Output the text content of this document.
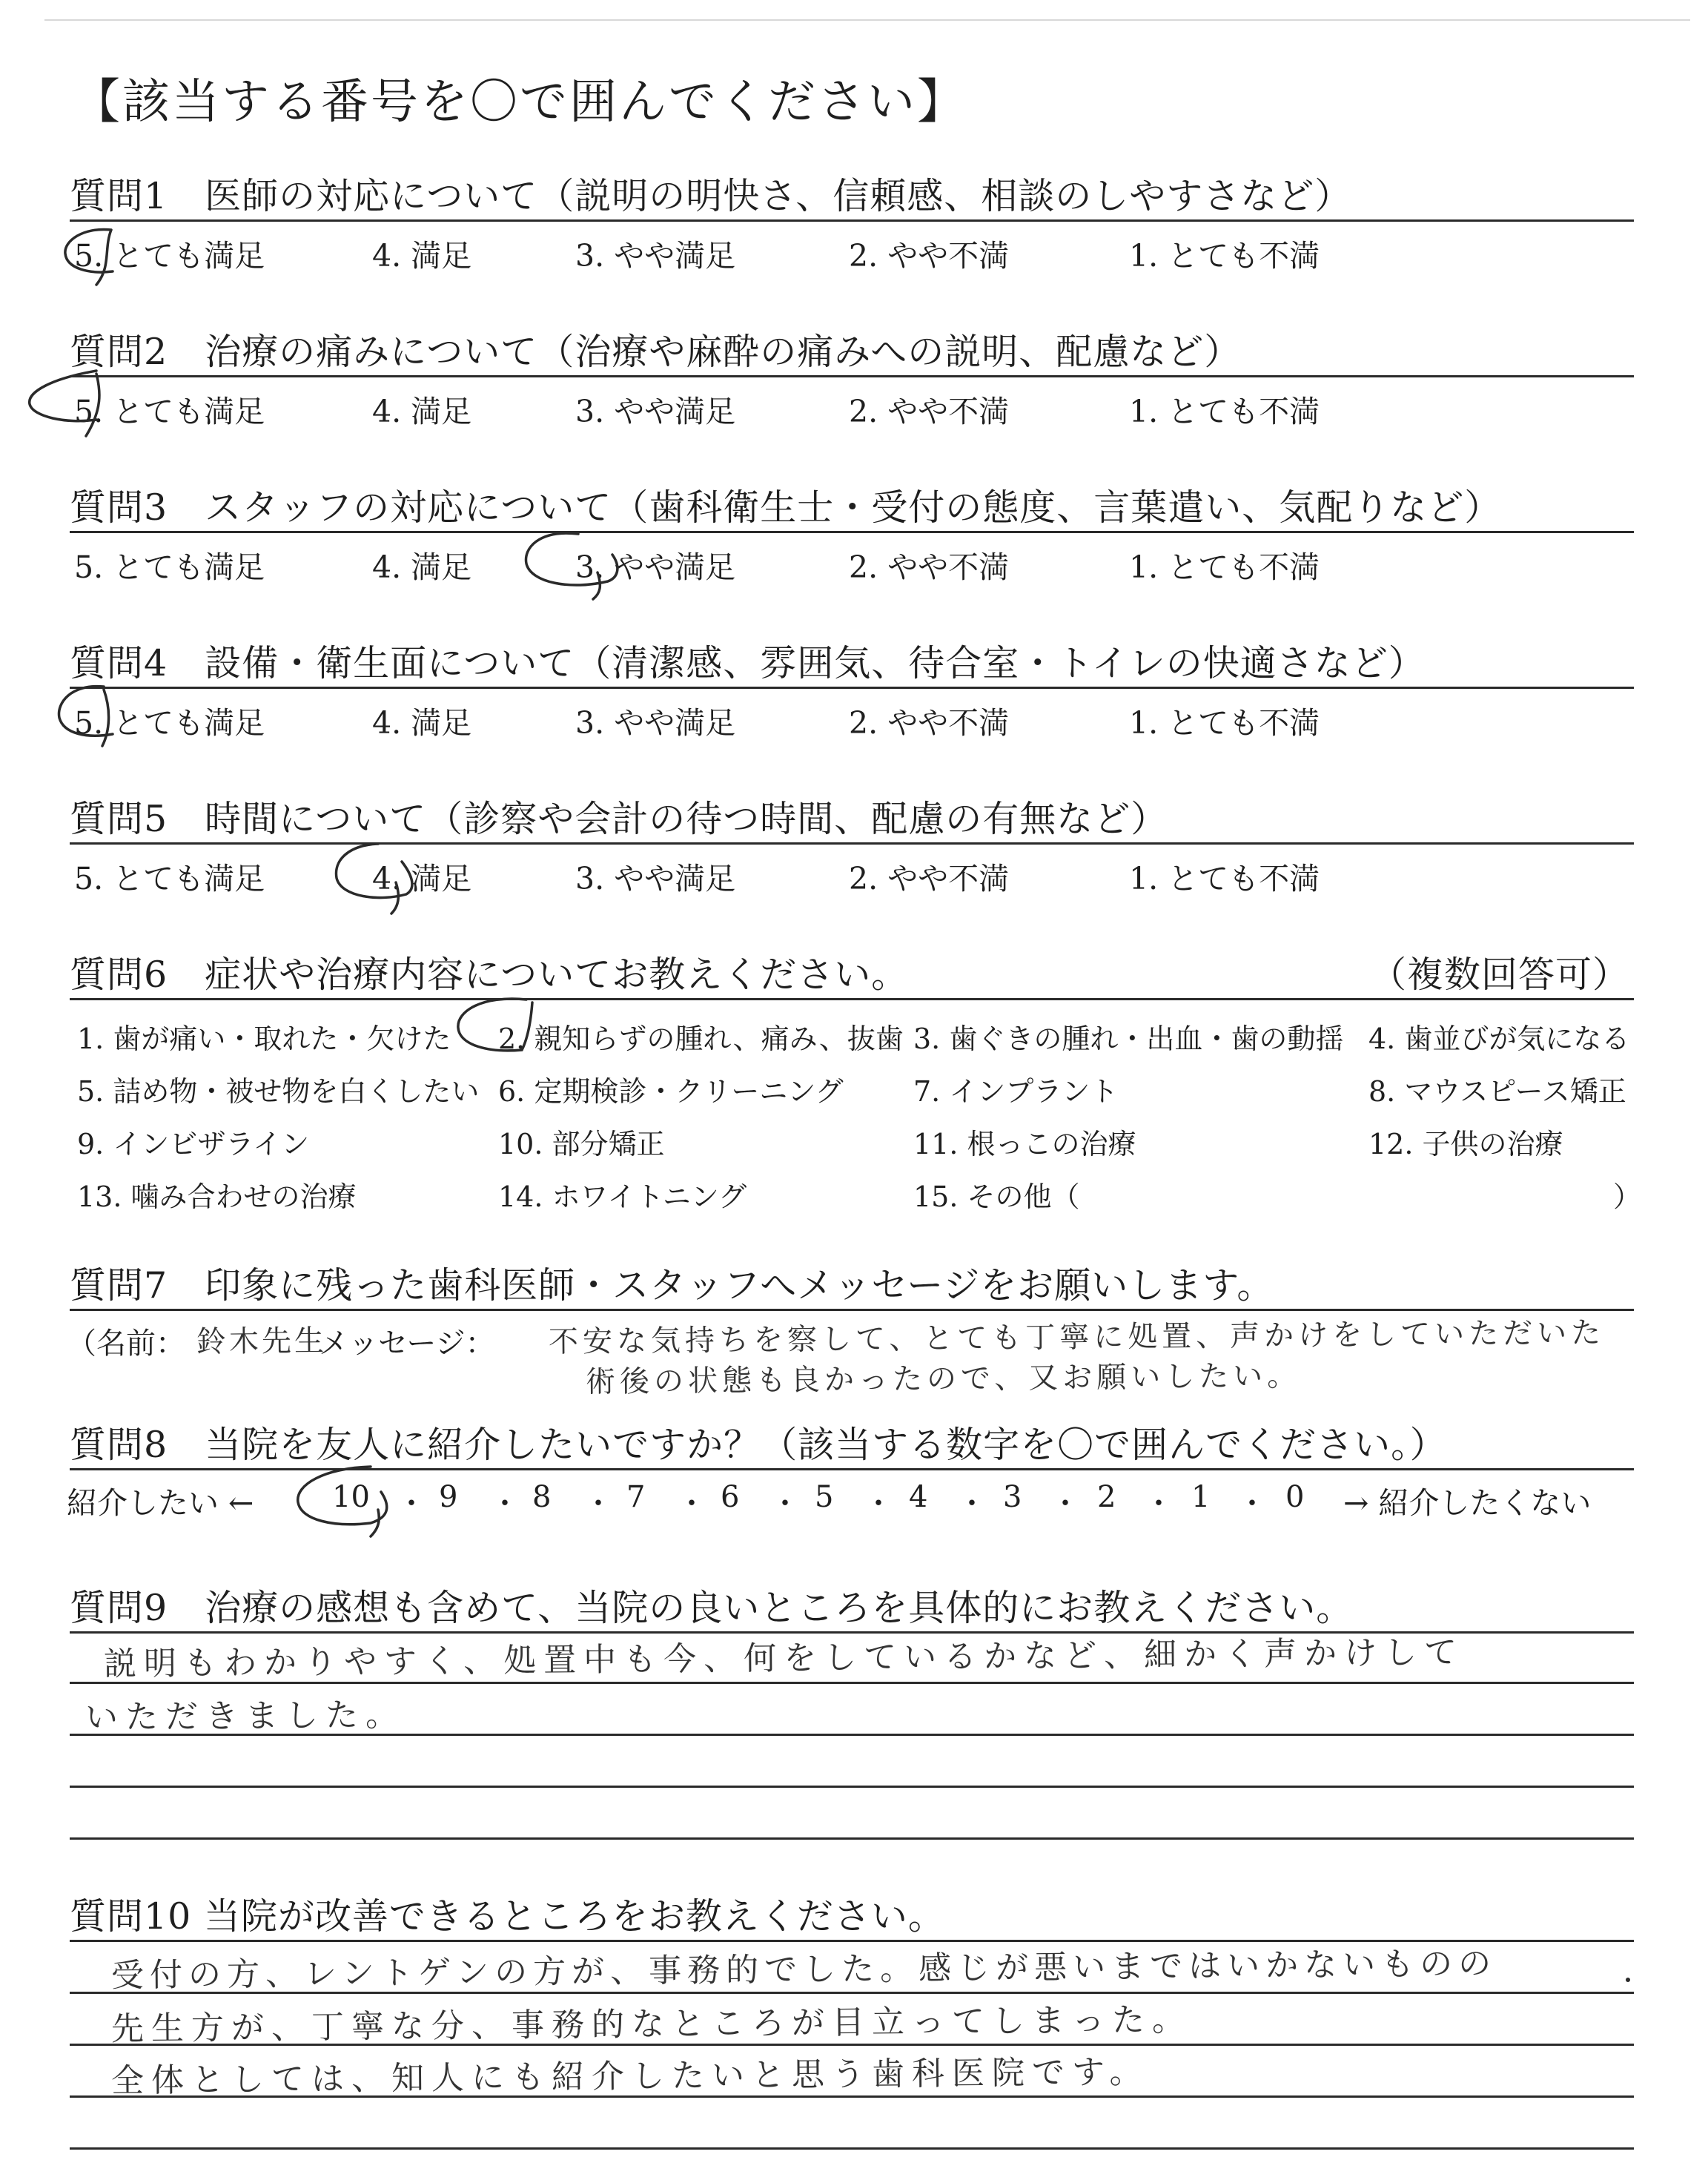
【該当する番号を〇で囲んでください】
質問1　医師の対応について（説明の明快さ、信頼感、相談のしやすさなど）
5. とても満足	4. 満足	3. やや満足	2. やや不満	1. とても不満
質問2　治療の痛みについて（治療や麻酔の痛みへの説明、配慮など）
5. とても満足	4. 満足	3. やや満足	2. やや不満	1. とても不満
質問3　スタッフの対応について（歯科衛生士・受付の態度、言葉遣い、気配りなど）
5. とても満足	4. 満足	3. やや満足	2. やや不満	1. とても不満
質問4　設備・衛生面について（清潔感、雰囲気、待合室・トイレの快適さなど）
5. とても満足	4. 満足	3. やや満足	2. やや不満	1. とても不満
質問5　時間について（診察や会計の待つ時間、配慮の有無など）
5. とても満足	4. 満足	3. やや満足	2. やや不満	1. とても不満
質問6　症状や治療内容についてお教えください。	（複数回答可）
1. 歯が痛い・取れた・欠けた 2. 親知らずの腫れ、痛み、抜歯 3. 歯ぐきの腫れ・出血・歯の動揺 4. 歯並びが気になる
5. 詰め物・被せ物を白くしたい 6. 定期検診・クリーニング 7. インプラント	8. マウスピース矯正
9. インビザライン	10. 部分矯正	11. 根っこの治療	12. 子供の治療
13. 噛み合わせの治療	14. ホワイトニング	15. その他（	）
質問7　印象に残った歯科医師・スタッフへメッセージをお願いします。
（名前： 鈴木先生
メッセージ： 不安な気持ちを察して、とても丁寧に処置、声かけをしていただいた
術後の状態も良かったので、又お願いしたい。
質問8　当院を友人に紹介したいですか？（該当する数字を〇で囲んでください。）
紹介したい ←	10 ・ 9 ・ 8 ・ 7 ・ 6 ・ 5 ・ 4 ・ 3 ・ 2 ・ 1 ・ 0 → 紹介したくない
質問9　治療の感想も含めて、当院の良いところを具体的にお教えください。
説明もわかりやすく、処置中も今、何をしているかなど、細かく声かけして
いただきました。
質問10 当院が改善できるところをお教えください。
受付の方、レントゲンの方が、事務的でした。感じが悪いまではいかないものの
先生方が、丁寧な分、事務的なところが目立ってしまった。
全体としては、知人にも紹介したいと思う歯科医院です。
